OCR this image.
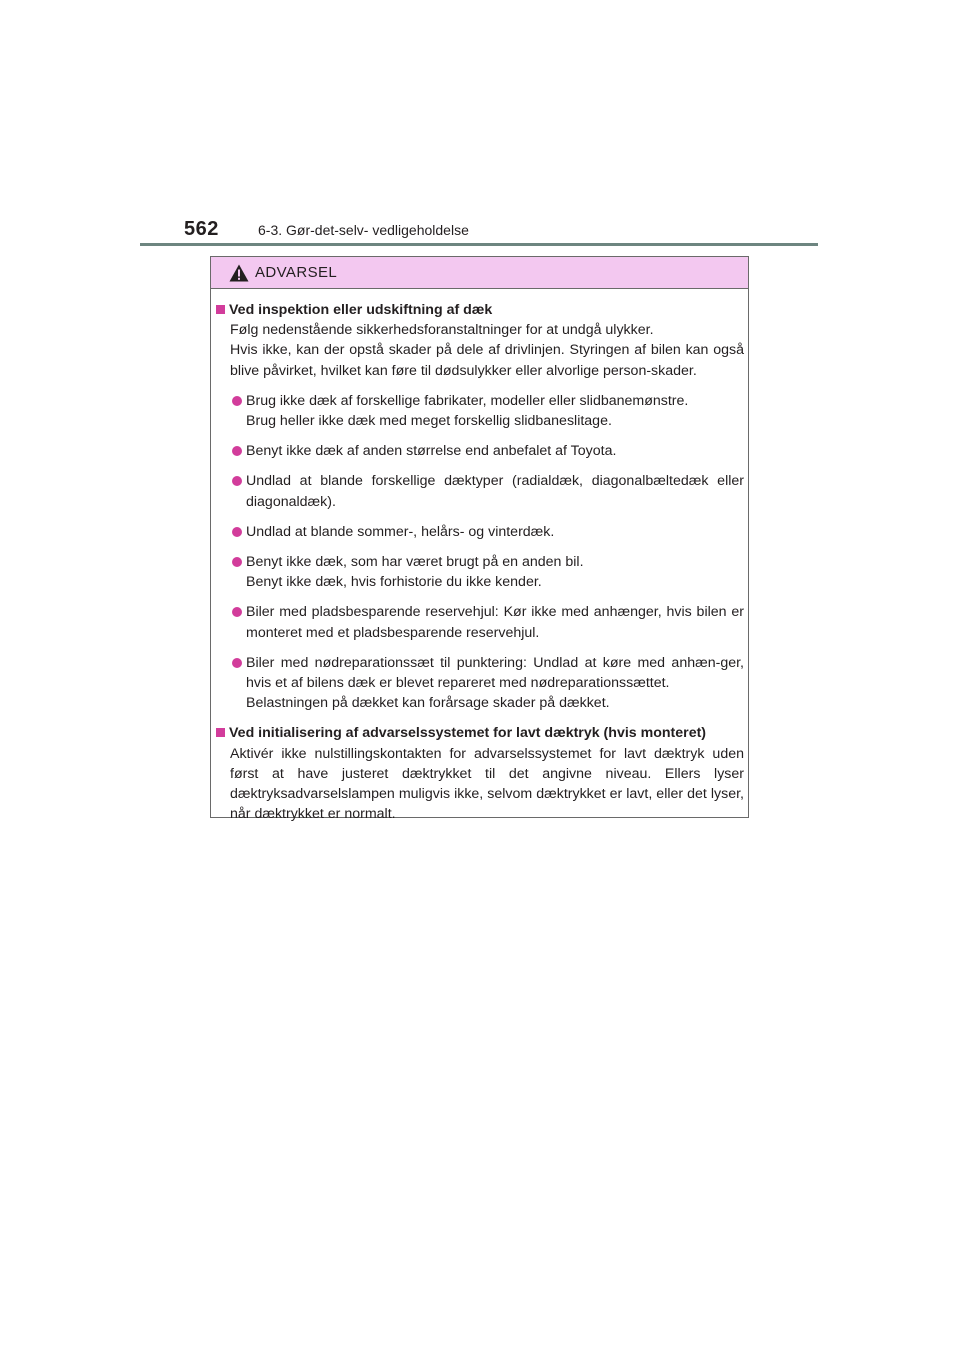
562	6-3. Gør-det-selv- vedligeholdelse
ADVARSEL
Ved inspektion eller udskiftning af dæk
Følg nedenstående sikkerhedsforanstaltninger for at undgå ulykker.
Hvis ikke, kan der opstå skader på dele af drivlinjen. Styringen af bilen kan også blive påvirket, hvilket kan føre til dødsulykker eller alvorlige person-skader.
Brug ikke dæk af forskellige fabrikater, modeller eller slidbanemønstre.
Brug heller ikke dæk med meget forskellig slidbaneslitage.
Benyt ikke dæk af anden størrelse end anbefalet af Toyota.
Undlad at blande forskellige dæktyper (radialdæk, diagonalbæltedæk eller diagonaldæk).
Undlad at blande sommer-, helårs- og vinterdæk.
Benyt ikke dæk, som har været brugt på en anden bil.
Benyt ikke dæk, hvis forhistorie du ikke kender.
Biler med pladsbesparende reservehjul: Kør ikke med anhænger, hvis bilen er monteret med et pladsbesparende reservehjul.
Biler med nødreparationssæt til punktering: Undlad at køre med anhæn-ger, hvis et af bilens dæk er blevet repareret med nødreparationssættet.
Belastningen på dækket kan forårsage skader på dækket.
Ved initialisering af advarselssystemet for lavt dæktryk (hvis monteret)
Aktivér ikke nulstillingskontakten for advarselssystemet for lavt dæktryk uden først at have justeret dæktrykket til det angivne niveau. Ellers lyser dæktryksadvarselslampen muligvis ikke, selvom dæktrykket er lavt, eller det lyser, når dæktrykket er normalt.
